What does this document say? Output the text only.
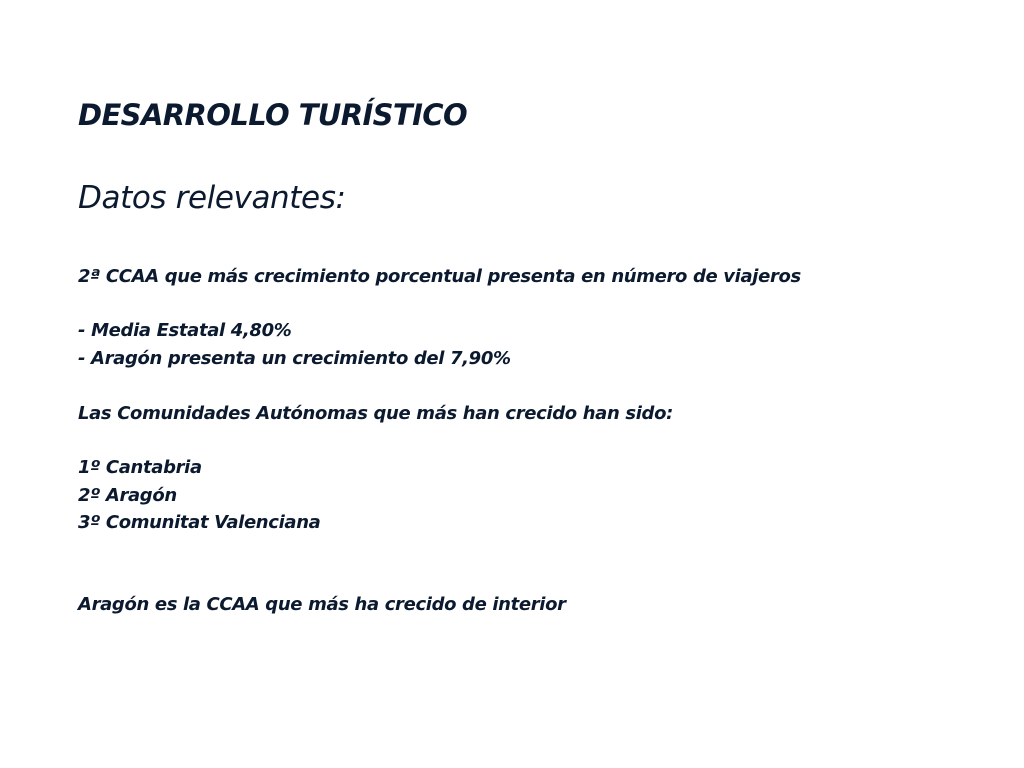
DESARROLLO TURÍSTICO
Datos relevantes:

2ª CCAA que más crecimiento porcentual presenta en número de viajeros

- Media Estatal 4,80%

- Aragón presenta un crecimiento del 7,90%

Las Comunidades Autónomas que más han crecido han sido:

1º Cantabria

2º Aragón

3º Comunitat Valenciana

Aragón es la CCAA que más ha crecido de interior
